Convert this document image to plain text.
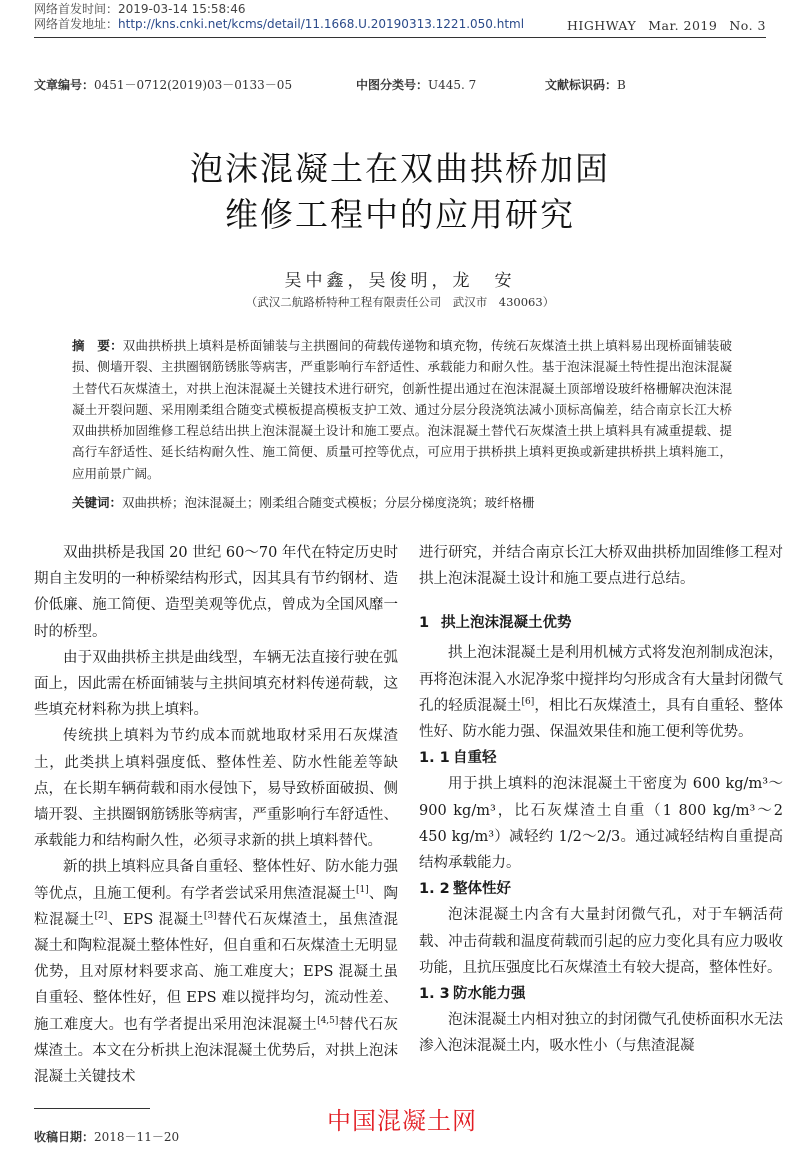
网络首发时间：2019-03-14 15:58:46
网络首发地址：http://kns.cnki.net/kcms/detail/11.1668.U.20190313.1221.050.html	HIGHWAY Mar. 2019 No. 3
文章编号：0451－0712(2019)03－0133－05	中图分类号：U445. 7	文献标识码：B
泡沫混凝土在双曲拱桥加固
维修工程中的应用研究
吴中鑫，吴俊明，龙　安
（武汉二航路桥特种工程有限责任公司　武汉市　430063）
摘　要：双曲拱桥拱上填料是桥面铺装与主拱圈间的荷载传递物和填充物，传统石灰煤渣土拱上填料易出现桥面铺装破损、侧墙开裂、主拱圈钢筋锈胀等病害，严重影响行车舒适性、承载能力和耐久性。基于泡沫混凝土特性提出泡沫混凝土替代石灰煤渣土，对拱上泡沫混凝土关键技术进行研究，创新性提出通过在泡沫混凝土顶部增设玻纤格栅解决泡沫混凝土开裂问题、采用刚柔组合随变式模板提高模板支护工效、通过分层分段浇筑法减小顶标高偏差，结合南京长江大桥双曲拱桥加固维修工程总结出拱上泡沫混凝土设计和施工要点。泡沫混凝土替代石灰煤渣土拱上填料具有减重提载、提高行车舒适性、延长结构耐久性、施工简便、质量可控等优点，可应用于拱桥拱上填料更换或新建拱桥拱上填料施工，应用前景广阔。
关键词：双曲拱桥；泡沫混凝土；刚柔组合随变式模板；分层分梯度浇筑；玻纤格栅

双曲拱桥是我国 20 世纪 60～70 年代在特定历史时期自主发明的一种桥梁结构形式，因其具有节约钢材、造价低廉、施工简便、造型美观等优点，曾成为全国风靡一时的桥型。

由于双曲拱桥主拱是曲线型，车辆无法直接行驶在弧面上，因此需在桥面铺装与主拱间填充材料传递荷载，这些填充材料称为拱上填料。

传统拱上填料为节约成本而就地取材采用石灰煤渣土，此类拱上填料强度低、整体性差、防水性能差等缺点，在长期车辆荷载和雨水侵蚀下，易导致桥面破损、侧墙开裂、主拱圈钢筋锈胀等病害，严重影响行车舒适性、承载能力和结构耐久性，必须寻求新的拱上填料替代。

新的拱上填料应具备自重轻、整体性好、防水能力强等优点，且施工便利。有学者尝试采用焦渣混凝土[1]、陶粒混凝土[2]、EPS 混凝土[3]替代石灰煤渣土，虽焦渣混凝土和陶粒混凝土整体性好，但自重和石灰煤渣土无明显优势，且对原材料要求高、施工难度大；EPS 混凝土虽自重轻、整体性好，但 EPS 难以搅拌均匀，流动性差、施工难度大。也有学者提出采用泡沫混凝土[4,5]替代石灰煤渣土。本文在分析拱上泡沫混凝土优势后，对拱上泡沫混凝土关键技术

进行研究，并结合南京长江大桥双曲拱桥加固维修工程对拱上泡沫混凝土设计和施工要点进行总结。

1 拱上泡沫混凝土优势

拱上泡沫混凝土是利用机械方式将发泡剂制成泡沫，再将泡沫混入水泥净浆中搅拌均匀形成含有大量封闭微气孔的轻质混凝土[6]，相比石灰煤渣土，具有自重轻、整体性好、防水能力强、保温效果佳和施工便利等优势。

1. 1 自重轻

用于拱上填料的泡沫混凝土干密度为 600 kg/m³～900 kg/m³，比石灰煤渣土自重（1 800 kg/m³～2 450 kg/m³）减轻约 1/2～2/3。通过减轻结构自重提高结构承载能力。

1. 2 整体性好

泡沫混凝土内含有大量封闭微气孔，对于车辆活荷载、冲击荷载和温度荷载而引起的应力变化具有应力吸收功能，且抗压强度比石灰煤渣土有较大提高，整体性好。

1. 3 防水能力强

泡沫混凝土内相对独立的封闭微气孔使桥面积水无法渗入泡沫混凝土内，吸水性小（与焦渣混凝

收稿日期：2018－11－20
中国混凝土网
